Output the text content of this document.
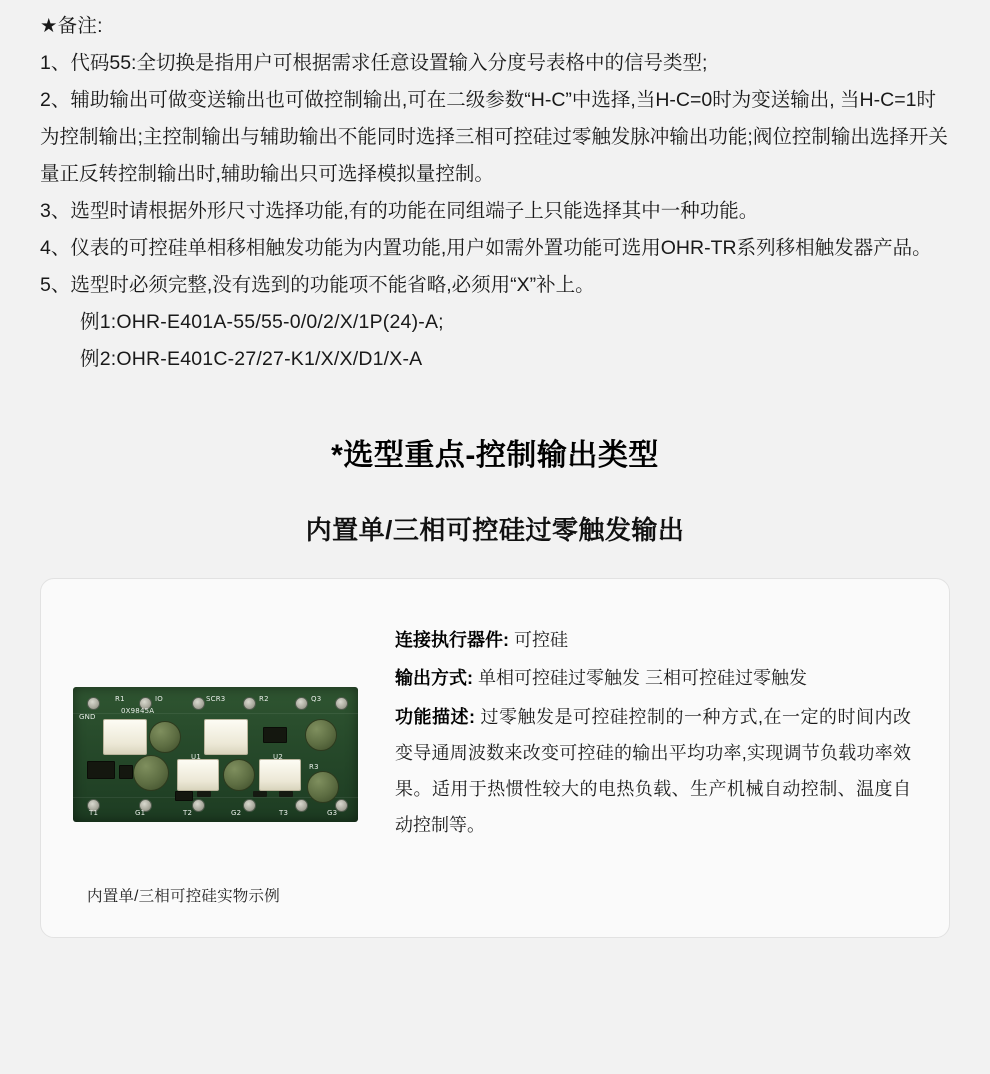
★备注:

1、代码55:全切换是指用户可根据需求任意设置输入分度号表格中的信号类型;

2、辅助输出可做变送输出也可做控制输出,可在二级参数“H-C”中选择,当H-C=0时为变送输出, 当H-C=1时为控制输出;主控制输出与辅助输出不能同时选择三相可控硅过零触发脉冲输出功能;阀位控制输出选择开关量正反转控制输出时,辅助输出只可选择模拟量控制。

3、选型时请根据外形尺寸选择功能,有的功能在同组端子上只能选择其中一种功能。

4、仪表的可控硅单相移相触发功能为内置功能,用户如需外置功能可选用OHR-TR系列移相触发器产品。

5、选型时必须完整,没有选到的功能项不能省略,必须用“X”补上。

例1:OHR-E401A-55/55-0/0/2/X/1P(24)-A;

例2:OHR-E401C-27/27-K1/X/X/D1/X-A

*选型重点-控制输出类型
内置单/三相可控硅过零触发输出
GND
R1	IO
0X9845A
SCR3	R2	Q3
U1	U2
R3
T1	G1	T2	G2	T3	G3
内置单/三相可控硅实物示例

连接执行器件: 可控硅

输出方式: 单相可控硅过零触发 三相可控硅过零触发

功能描述: 过零触发是可控硅控制的一种方式,在一定的时间内改变导通周波数来改变可控硅的输出平均功率,实现调节负载功率效果。适用于热惯性较大的电热负载、生产机械自动控制、温度自动控制等。
